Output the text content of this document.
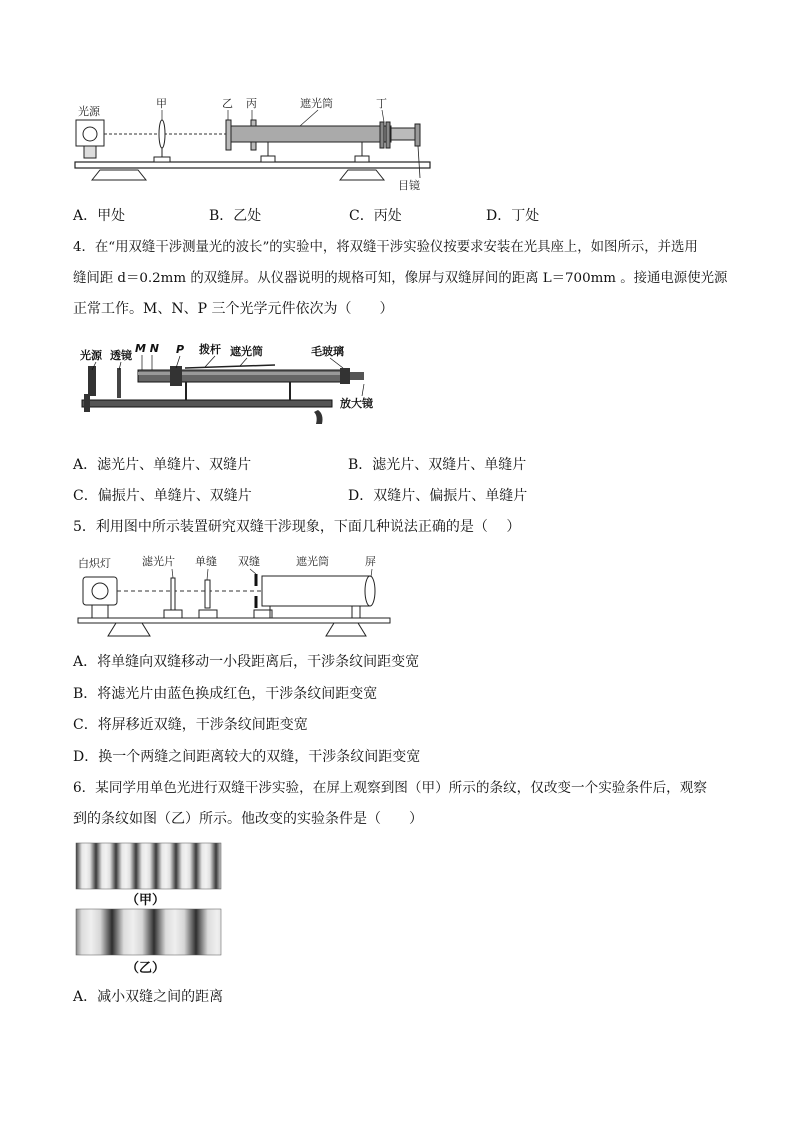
光源
甲	乙 丙	遮光筒	丁
目镜
A．甲处	B．乙处	C．丙处	D．丁处
4．在“用双缝干涉测量光的波长”的实验中，将双缝干涉实验仪按要求安装在光具座上，如图所示，并选用
缝间距 d＝0.2mm 的双缝屏。从仪器说明的规格可知，像屏与双缝屏间的距离 L＝700mm 。接通电源使光源
正常工作。M、N、P 三个光学元件依次为（　　）
光源 透镜
M N P 拨杆 遮光筒	毛玻璃
放大镜
A．滤光片、单缝片、双缝片	B．滤光片、双缝片、单缝片
C．偏振片、单缝片、双缝片	D．双缝片、偏振片、单缝片
5．利用图中所示装置研究双缝干涉现象，下面几种说法正确的是（　 ）
白炽灯	滤光片 单缝 双缝	遮光筒	屏
A．将单缝向双缝移动一小段距离后，干涉条纹间距变宽
B．将滤光片由蓝色换成红色，干涉条纹间距变宽
C．将屏移近双缝，干涉条纹间距变宽
D．换一个两缝之间距离较大的双缝，干涉条纹间距变宽
6．某同学用单色光进行双缝干涉实验，在屏上观察到图（甲）所示的条纹，仅改变一个实验条件后，观察
到的条纹如图（乙）所示。他改变的实验条件是（　　）
（甲）
（乙）
A．减小双缝之间的距离
